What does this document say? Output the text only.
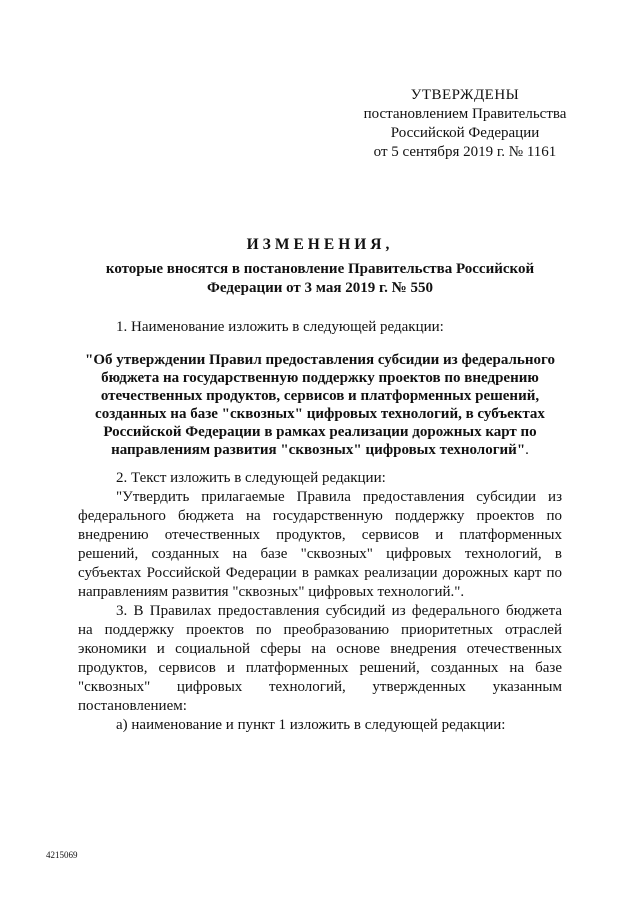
УТВЕРЖДЕНЫ
постановлением Правительства
Российской Федерации
от 5 сентября 2019 г. № 1161
ИЗМЕНЕНИЯ,
которые вносятся в постановление Правительства Российской
Федерации от 3 мая 2019 г. № 550

1. Наименование изложить в следующей редакции:

"Об утверждении Правил предоставления субсидии из федерального бюджета на государственную поддержку проектов по внедрению отечественных продуктов, сервисов и платформенных решений, созданных на базе "сквозных" цифровых технологий, в субъектах Российской Федерации в рамках реализации дорожных карт по направлениям развития "сквозных" цифровых технологий".

2. Текст изложить в следующей редакции:

"Утвердить прилагаемые Правила предоставления субсидии из федерального бюджета на государственную поддержку проектов по внедрению отечественных продуктов, сервисов и платформенных решений, созданных на базе "сквозных" цифровых технологий, в субъектах Российской Федерации в рамках реализации дорожных карт по направлениям развития "сквозных" цифровых технологий.".

3. В Правилах предоставления субсидий из федерального бюджета на поддержку проектов по преобразованию приоритетных отраслей экономики и социальной сферы на основе внедрения отечественных продуктов, сервисов и платформенных решений, созданных на базе "сквозных" цифровых технологий, утвержденных указанным постановлением:

а) наименование и пункт 1 изложить в следующей редакции:

4215069
